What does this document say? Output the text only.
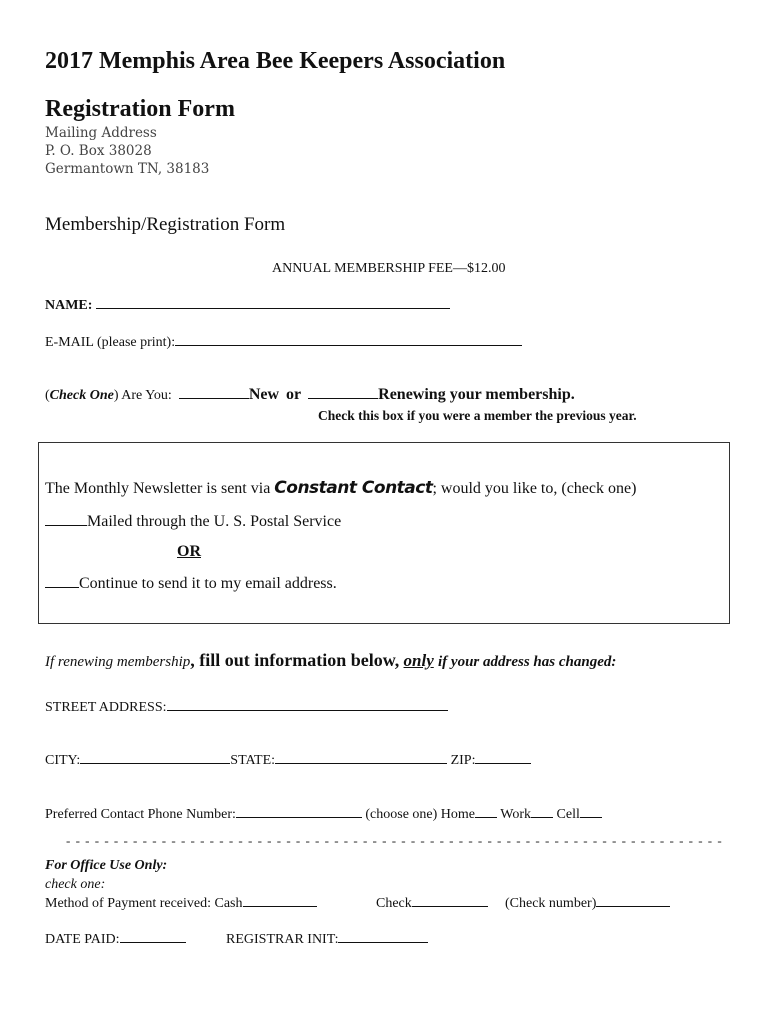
2017 Memphis Area Bee Keepers Association
Registration Form
Mailing Address
P. O. Box 38028
Germantown TN, 38183
Membership/Registration Form
ANNUAL MEMBERSHIP FEE—$12.00
NAME:
E-MAIL (please print):
(Check One) Are You:	New or	Renewing your membership.
Check this box if you were a member the previous year.
The Monthly Newsletter is sent via Constant Contact; would you like to, (check one)
Mailed through the U. S. Postal Service
OR
Continue to send it to my email address.
If renewing membership, fill out information below, only if your address has changed:
STREET ADDRESS:
CITY:	STATE:	ZIP:
Preferred Contact Phone Number:	(choose one) Home Work Cell
- - - - - - - - - - - - - - - - - - - - - - - - - - - - - - - - - - - - - - - - - - - - - - - - - - - - - - - - - - - - - - - - - - - - -
For Office Use Only:
check one:
Method of Payment received: Cash	Check	(Check number)
DATE PAID:	REGISTRAR INIT:
